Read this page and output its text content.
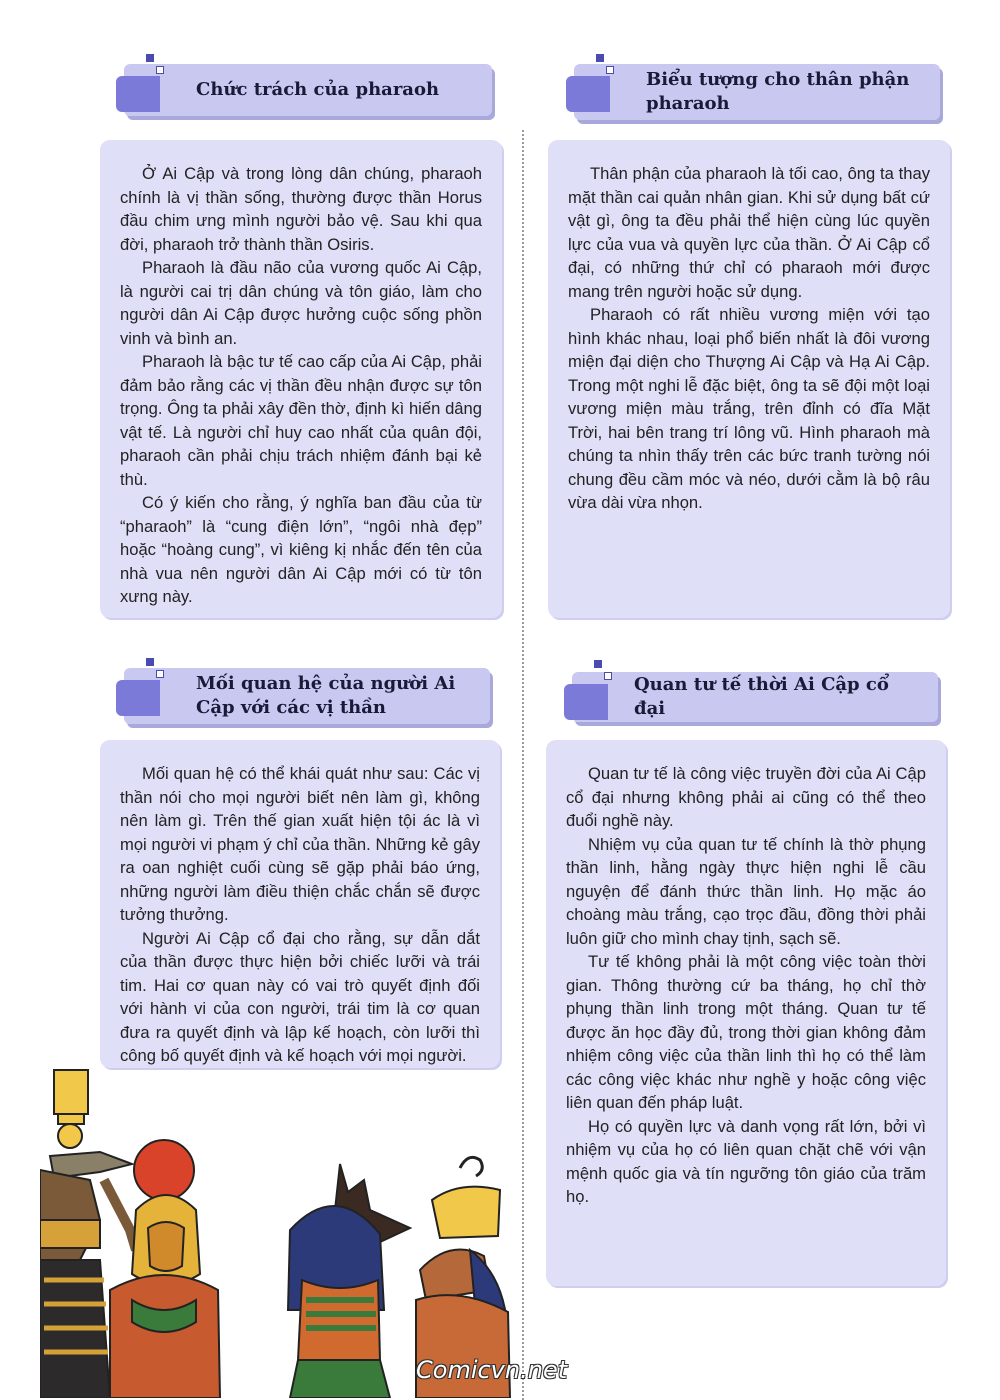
Chức trách của pharaoh

Ở Ai Cập và trong lòng dân chúng, pharaoh chính là vị thần sống, thường được thần Horus đầu chim ưng mình người bảo vệ. Sau khi qua đời, pharaoh trở thành thần Osiris.

Pharaoh là đầu não của vương quốc Ai Cập, là người cai trị dân chúng và tôn giáo, làm cho người dân Ai Cập được hưởng cuộc sống phồn vinh và bình an.

Pharaoh là bậc tư tế cao cấp của Ai Cập, phải đảm bảo rằng các vị thần đều nhận được sự tôn trọng. Ông ta phải xây đền thờ, định kì hiến dâng vật tế. Là người chỉ huy cao nhất của quân đội, pharaoh cần phải chịu trách nhiệm đánh bại kẻ thù.

Có ý kiến cho rằng, ý nghĩa ban đầu của từ “pharaoh” là “cung điện lớn”, “ngôi nhà đẹp” hoặc “hoàng cung”, vì kiêng kị nhắc đến tên của nhà vua nên người dân Ai Cập mới có từ tôn xưng này.

Biểu tượng cho thân phận pharaoh

Thân phận của pharaoh là tối cao, ông ta thay mặt thần cai quản nhân gian. Khi sử dụng bất cứ vật gì, ông ta đều phải thể hiện cùng lúc quyền lực của vua và quyền lực của thần. Ở Ai Cập cổ đại, có những thứ chỉ có pharaoh mới được mang trên người hoặc sử dụng.

Pharaoh có rất nhiều vương miện với tạo hình khác nhau, loại phổ biến nhất là đôi vương miện đại diện cho Thượng Ai Cập và Hạ Ai Cập. Trong một nghi lễ đặc biệt, ông ta sẽ đội một loại vương miện màu trắng, trên đỉnh có đĩa Mặt Trời, hai bên trang trí lông vũ. Hình pharaoh mà chúng ta nhìn thấy trên các bức tranh tường nói chung đều cầm móc và néo, dưới cằm là bộ râu vừa dài vừa nhọn.

Mối quan hệ của người Ai Cập với các vị thần

Mối quan hệ có thể khái quát như sau: Các vị thần nói cho mọi người biết nên làm gì, không nên làm gì. Trên thế gian xuất hiện tội ác là vì mọi người vi phạm ý chỉ của thần. Những kẻ gây ra oan nghiệt cuối cùng sẽ gặp phải báo ứng, những người làm điều thiện chắc chắn sẽ được tưởng thưởng.

Người Ai Cập cổ đại cho rằng, sự dẫn dắt của thần được thực hiện bởi chiếc lưỡi và trái tim. Hai cơ quan này có vai trò quyết định đối với hành vi của con người, trái tim là cơ quan đưa ra quyết định và lập kế hoạch, còn lưỡi thì công bố quyết định và kế hoạch với mọi người.

Quan tư tế thời Ai Cập cổ đại

Quan tư tế là công việc truyền đời của Ai Cập cổ đại nhưng không phải ai cũng có thể theo đuổi nghề này.

Nhiệm vụ của quan tư tế chính là thờ phụng thần linh, hằng ngày thực hiện nghi lễ cầu nguyện để đánh thức thần linh. Họ mặc áo choàng màu trắng, cạo trọc đầu, đồng thời phải luôn giữ cho mình chay tịnh, sạch sẽ.

Tư tế không phải là một công việc toàn thời gian. Thông thường cứ ba tháng, họ chỉ thờ phụng thần linh trong một tháng. Quan tư tế được ăn học đầy đủ, trong thời gian không đảm nhiệm công việc của thần linh thì họ có thể làm các công việc khác như nghề y hoặc công việc liên quan đến pháp luật.

Họ có quyền lực và danh vọng rất lớn, bởi vì nhiệm vụ của họ có liên quan chặt chẽ với vận mệnh quốc gia và tín ngưỡng tôn giáo của trăm họ.

Comicvn.net
